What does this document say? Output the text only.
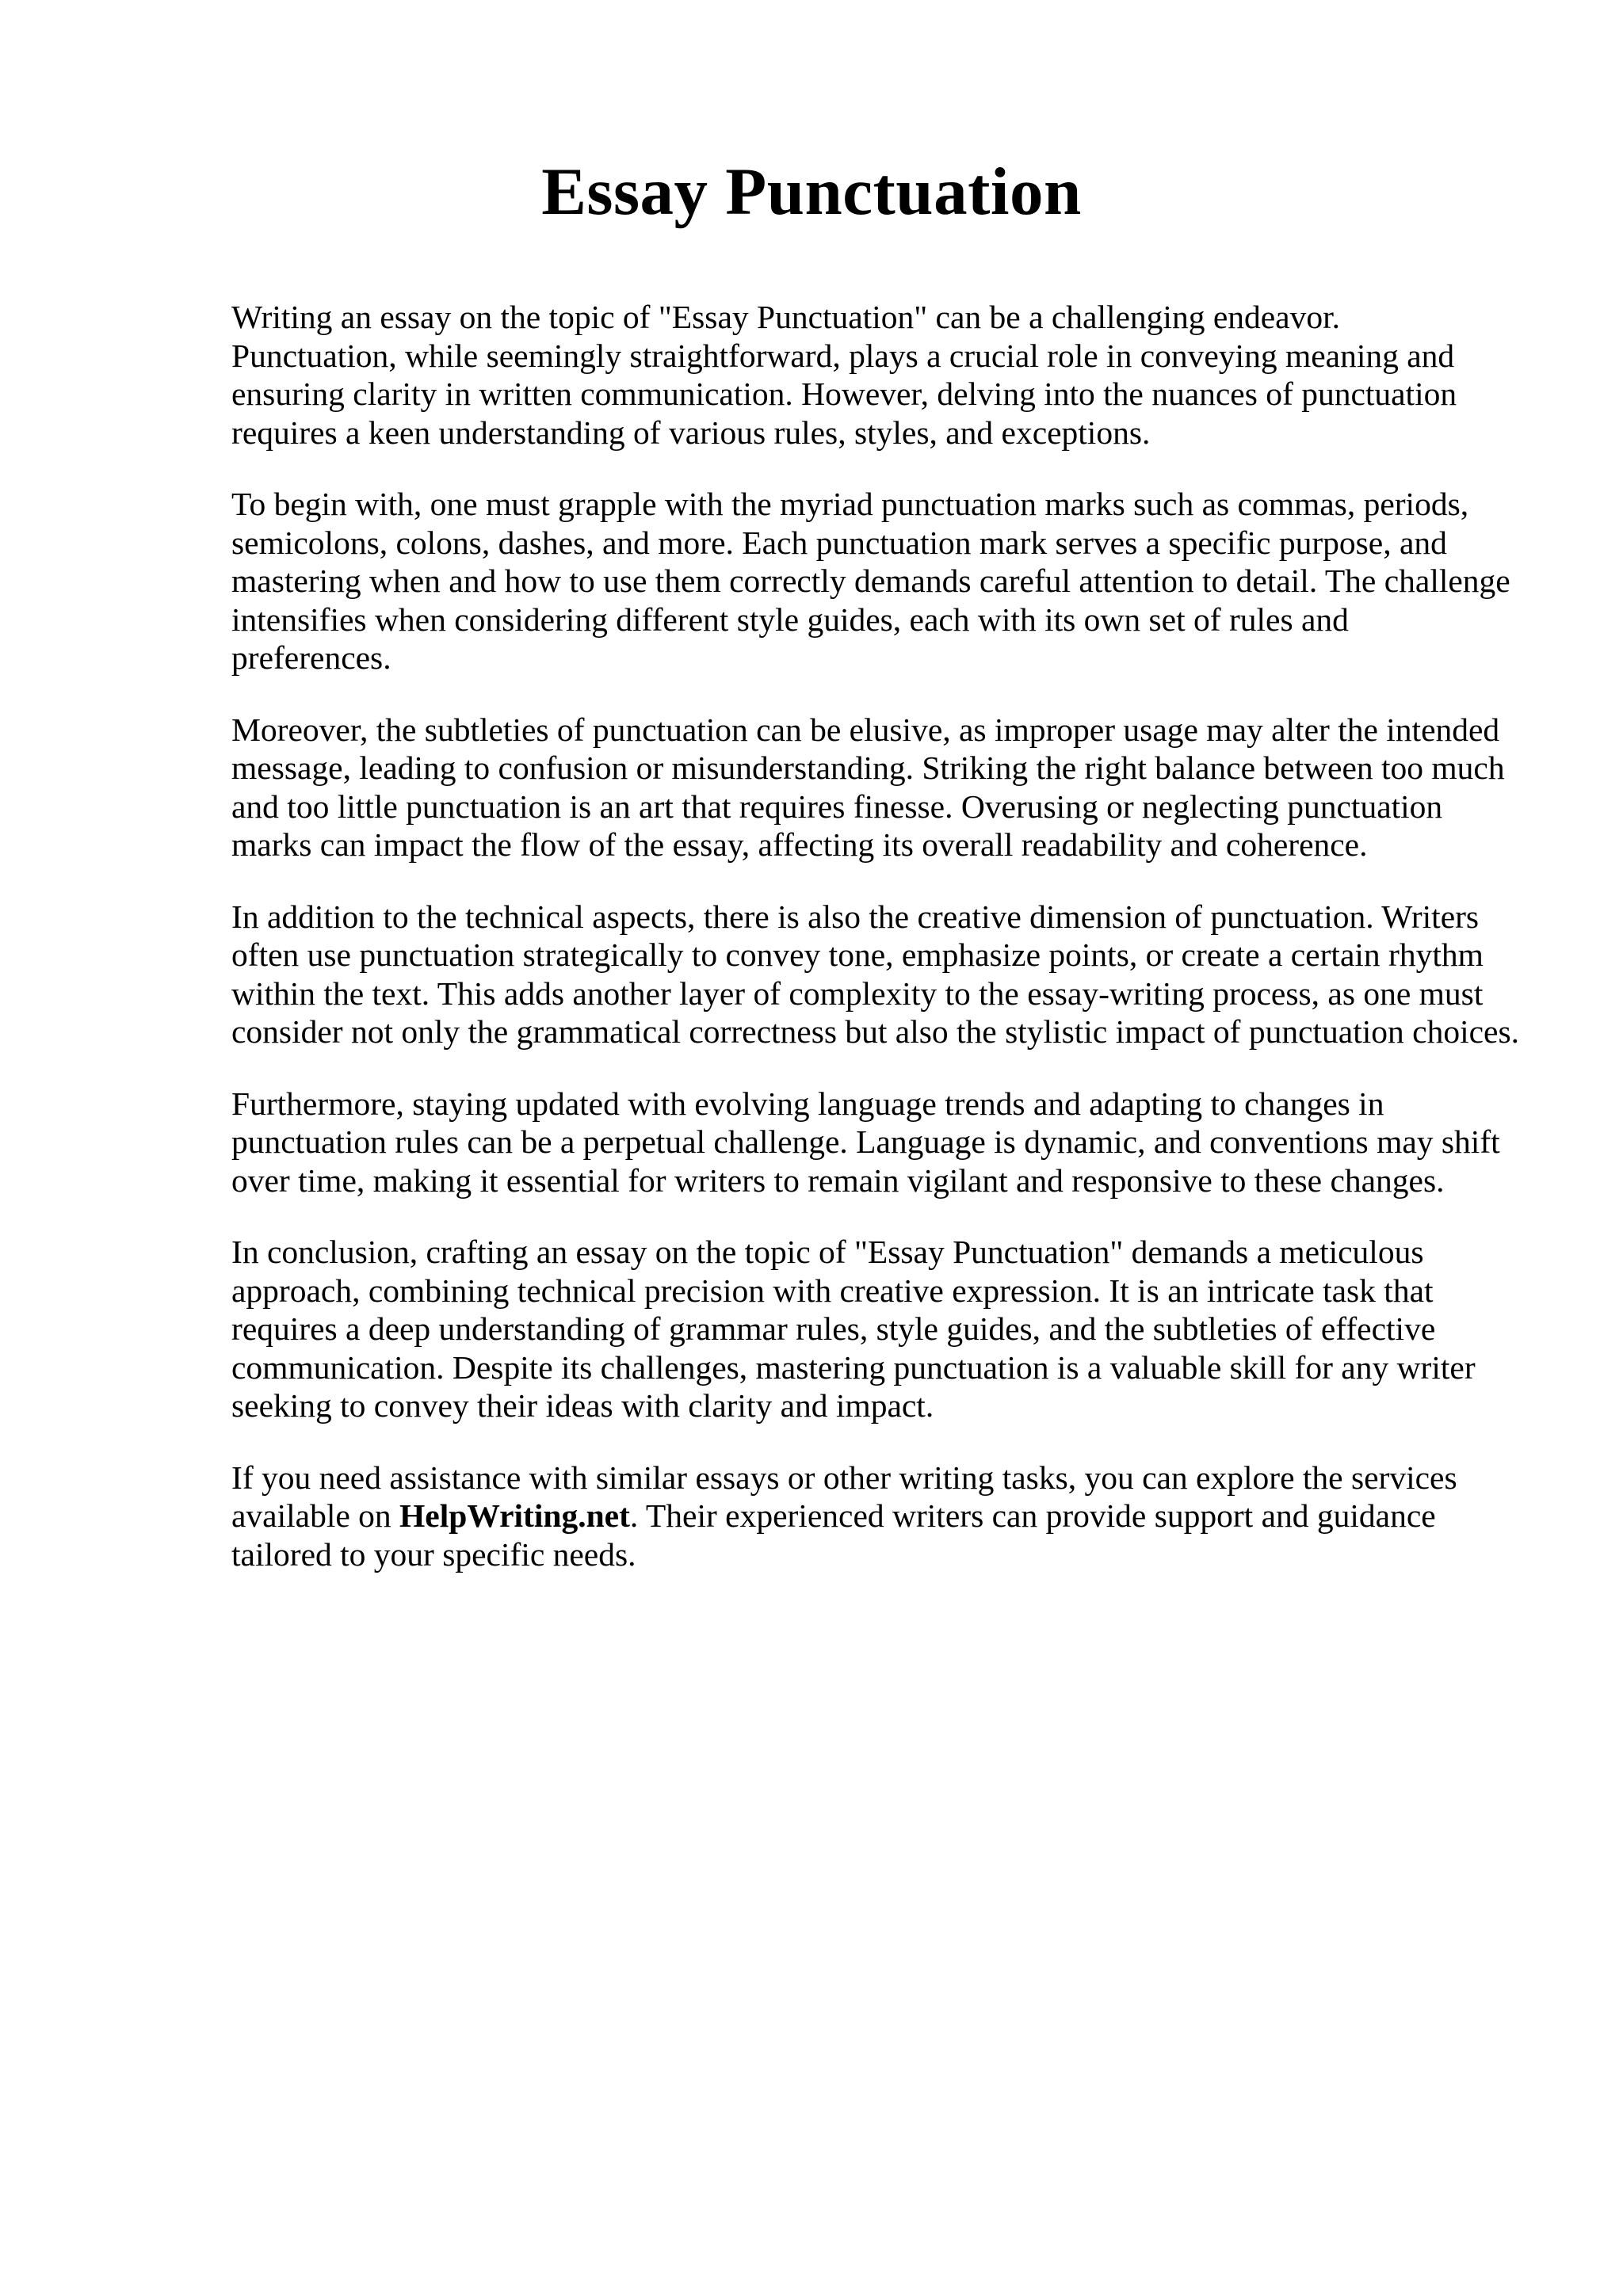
Essay Punctuation

Writing an essay on the topic of "Essay Punctuation" can be a challenging endeavor.
Punctuation, while seemingly straightforward, plays a crucial role in conveying meaning and
ensuring clarity in written communication. However, delving into the nuances of punctuation
requires a keen understanding of various rules, styles, and exceptions.

To begin with, one must grapple with the myriad punctuation marks such as commas, periods,
semicolons, colons, dashes, and more. Each punctuation mark serves a specific purpose, and
mastering when and how to use them correctly demands careful attention to detail. The challenge
intensifies when considering different style guides, each with its own set of rules and
preferences.

Moreover, the subtleties of punctuation can be elusive, as improper usage may alter the intended
message, leading to confusion or misunderstanding. Striking the right balance between too much
and too little punctuation is an art that requires finesse. Overusing or neglecting punctuation
marks can impact the flow of the essay, affecting its overall readability and coherence.

In addition to the technical aspects, there is also the creative dimension of punctuation. Writers
often use punctuation strategically to convey tone, emphasize points, or create a certain rhythm
within the text. This adds another layer of complexity to the essay-writing process, as one must
consider not only the grammatical correctness but also the stylistic impact of punctuation choices.

Furthermore, staying updated with evolving language trends and adapting to changes in
punctuation rules can be a perpetual challenge. Language is dynamic, and conventions may shift
over time, making it essential for writers to remain vigilant and responsive to these changes.

In conclusion, crafting an essay on the topic of "Essay Punctuation" demands a meticulous
approach, combining technical precision with creative expression. It is an intricate task that
requires a deep understanding of grammar rules, style guides, and the subtleties of effective
communication. Despite its challenges, mastering punctuation is a valuable skill for any writer
seeking to convey their ideas with clarity and impact.

If you need assistance with similar essays or other writing tasks, you can explore the services
available on HelpWriting.net. Their experienced writers can provide support and guidance
tailored to your specific needs.
